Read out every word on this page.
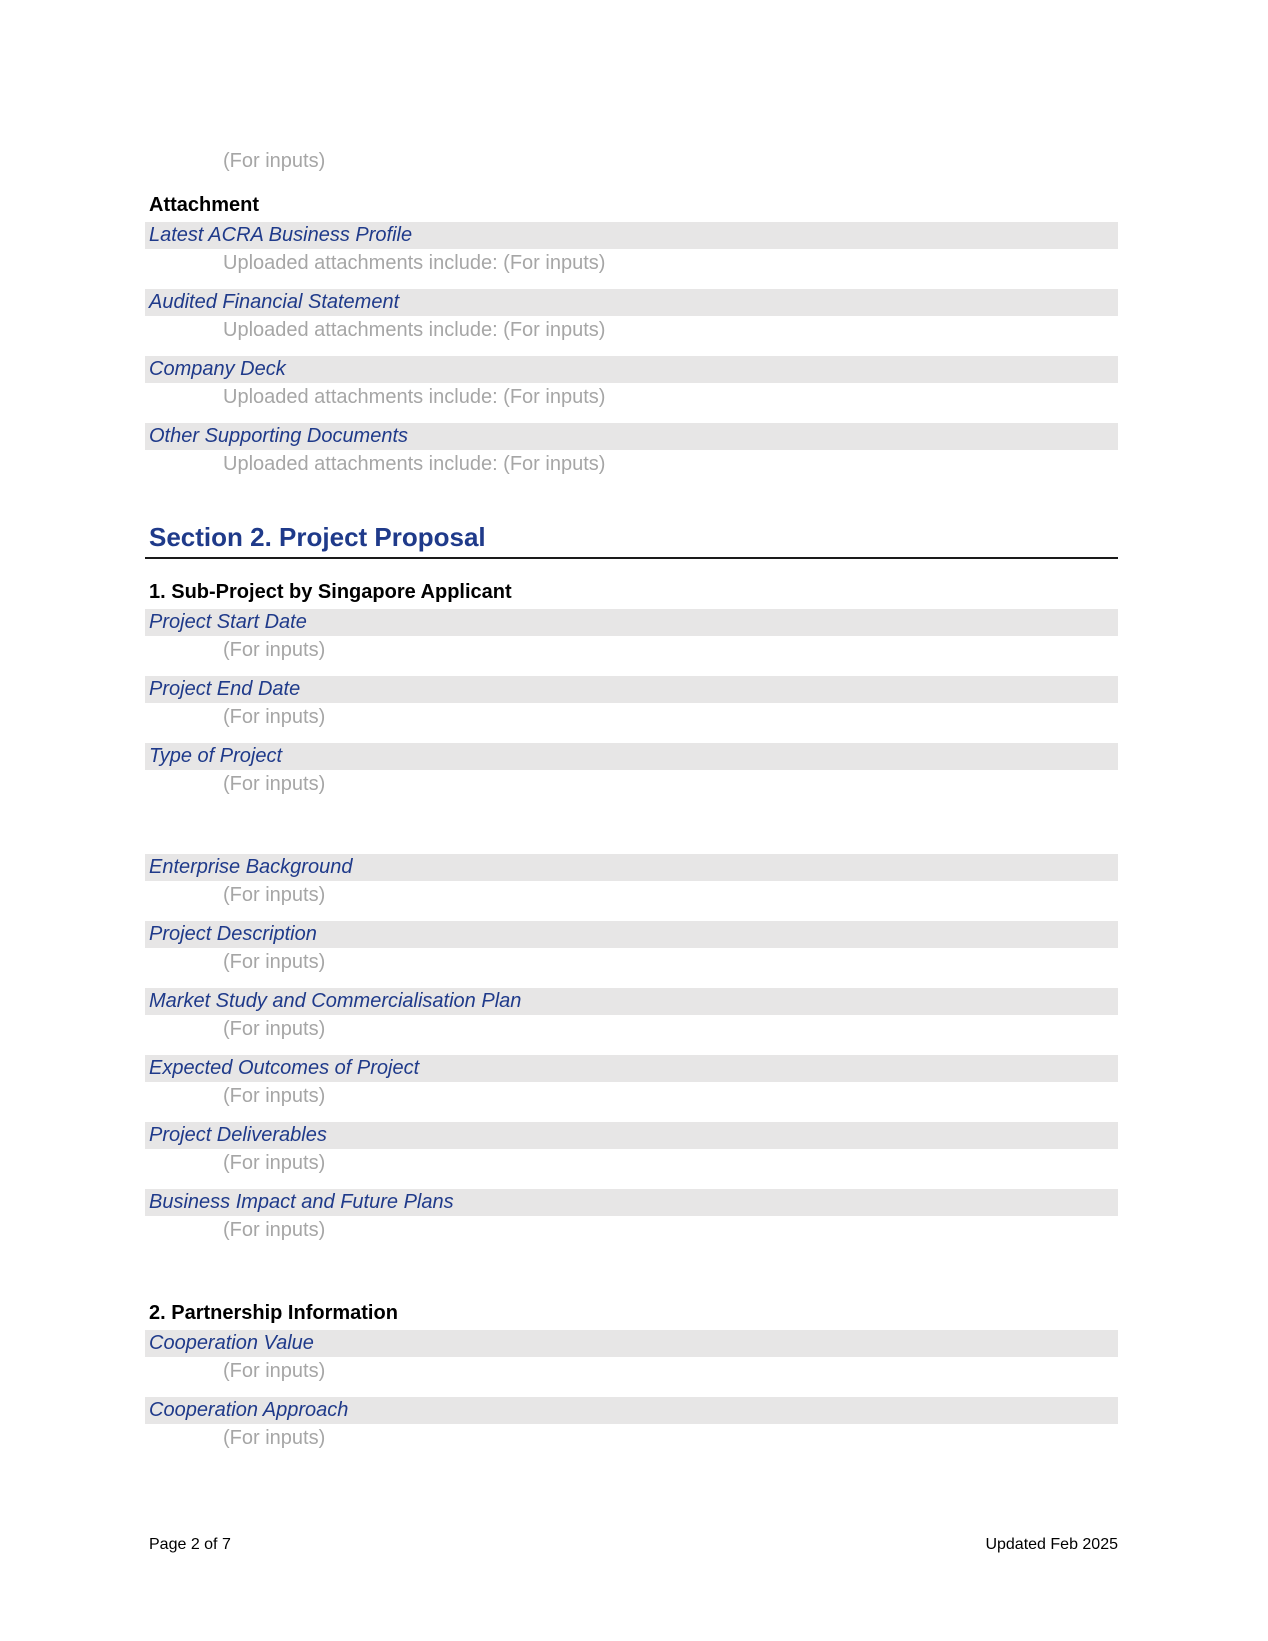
(For inputs)
Attachment
Latest ACRA Business Profile
Uploaded attachments include: (For inputs)
Audited Financial Statement
Uploaded attachments include: (For inputs)
Company Deck
Uploaded attachments include: (For inputs)
Other Supporting Documents
Uploaded attachments include: (For inputs)
Section 2. Project Proposal
1. Sub-Project by Singapore Applicant
Project Start Date
(For inputs)
Project End Date
(For inputs)
Type of Project
(For inputs)
Enterprise Background
(For inputs)
Project Description
(For inputs)
Market Study and Commercialisation Plan
(For inputs)
Expected Outcomes of Project
(For inputs)
Project Deliverables
(For inputs)
Business Impact and Future Plans
(For inputs)
2. Partnership Information
Cooperation Value
(For inputs)
Cooperation Approach
(For inputs)
Page 2 of 7	Updated Feb 2025
